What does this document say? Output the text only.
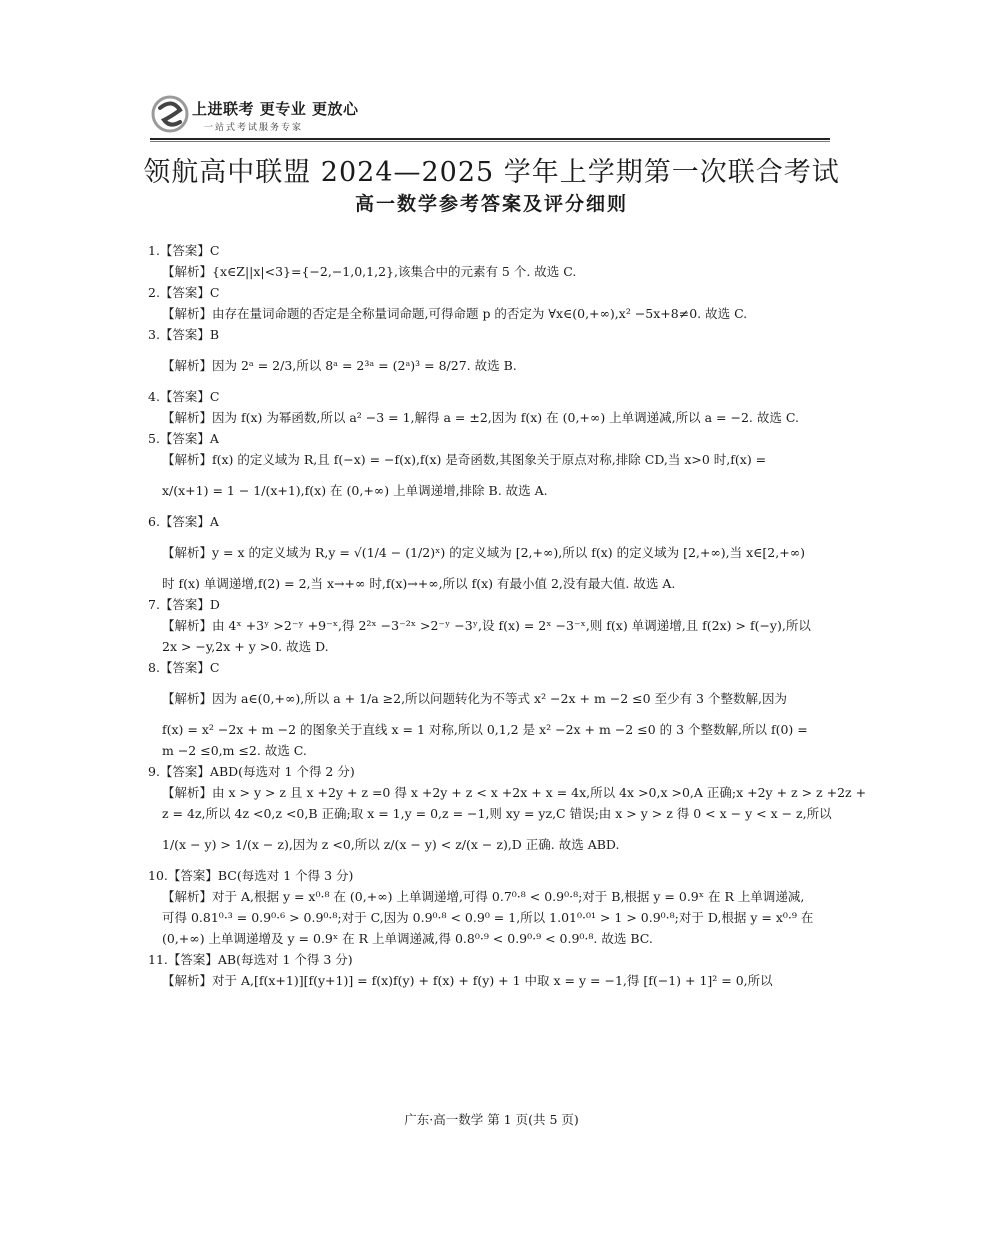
上进联考 更专业 更放心
一站式考试服务专家
领航高中联盟 2024—2025 学年上学期第一次联合考试
高一数学参考答案及评分细则
1.【答案】C
【解析】{x∈Z||x|<3}={−2,−1,0,1,2},该集合中的元素有 5 个. 故选 C.
2.【答案】C
【解析】由存在量词命题的否定是全称量词命题,可得命题 p 的否定为 ∀x∈(0,+∞),x² −5x+8≠0. 故选 C.
3.【答案】B
【解析】因为 2ᵃ = 2/3,所以 8ᵃ = 2³ᵃ = (2ᵃ)³ = 8/27. 故选 B.
4.【答案】C
【解析】因为 f(x) 为幂函数,所以 a² −3 = 1,解得 a = ±2,因为 f(x) 在 (0,+∞) 上单调递减,所以 a = −2. 故选 C.
5.【答案】A
【解析】f(x) 的定义域为 R,且 f(−x) = −f(x),f(x) 是奇函数,其图象关于原点对称,排除 CD,当 x>0 时,f(x) =
x/(x+1) = 1 − 1/(x+1),f(x) 在 (0,+∞) 上单调递增,排除 B. 故选 A.
6.【答案】A
【解析】y = x 的定义域为 R,y = √(1/4 − (1/2)ˣ) 的定义域为 [2,+∞),所以 f(x) 的定义域为 [2,+∞),当 x∈[2,+∞)
时 f(x) 单调递增,f(2) = 2,当 x→+∞ 时,f(x)→+∞,所以 f(x) 有最小值 2,没有最大值. 故选 A.
7.【答案】D
【解析】由 4ˣ +3ʸ >2⁻ʸ +9⁻ˣ,得 2²ˣ −3⁻²ˣ >2⁻ʸ −3ʸ,设 f(x) = 2ˣ −3⁻ˣ,则 f(x) 单调递增,且 f(2x) > f(−y),所以
2x > −y,2x + y >0. 故选 D.
8.【答案】C
【解析】因为 a∈(0,+∞),所以 a + 1/a ≥2,所以问题转化为不等式 x² −2x + m −2 ≤0 至少有 3 个整数解,因为
f(x) = x² −2x + m −2 的图象关于直线 x = 1 对称,所以 0,1,2 是 x² −2x + m −2 ≤0 的 3 个整数解,所以 f(0) =
m −2 ≤0,m ≤2. 故选 C.
9.【答案】ABD(每选对 1 个得 2 分)
【解析】由 x > y > z 且 x +2y + z =0 得 x +2y + z < x +2x + x = 4x,所以 4x >0,x >0,A 正确;x +2y + z > z +2z +
z = 4z,所以 4z <0,z <0,B 正确;取 x = 1,y = 0,z = −1,则 xy = yz,C 错误;由 x > y > z 得 0 < x − y < x − z,所以
1/(x − y) > 1/(x − z),因为 z <0,所以 z/(x − y) < z/(x − z),D 正确. 故选 ABD.
10.【答案】BC(每选对 1 个得 3 分)
【解析】对于 A,根据 y = x⁰·⁸ 在 (0,+∞) 上单调递增,可得 0.7⁰·⁸ < 0.9⁰·⁸;对于 B,根据 y = 0.9ˣ 在 R 上单调递减,
可得 0.81⁰·³ = 0.9⁰·⁶ > 0.9⁰·⁸;对于 C,因为 0.9⁰·⁸ < 0.9⁰ = 1,所以 1.01⁰·⁰¹ > 1 > 0.9⁰·⁸;对于 D,根据 y = x⁰·⁹ 在
(0,+∞) 上单调递增及 y = 0.9ˣ 在 R 上单调递减,得 0.8⁰·⁹ < 0.9⁰·⁹ < 0.9⁰·⁸. 故选 BC.
11.【答案】AB(每选对 1 个得 3 分)
【解析】对于 A,[f(x+1)][f(y+1)] = f(x)f(y) + f(x) + f(y) + 1 中取 x = y = −1,得 [f(−1) + 1]² = 0,所以
广东·高一数学 第 1 页(共 5 页)
